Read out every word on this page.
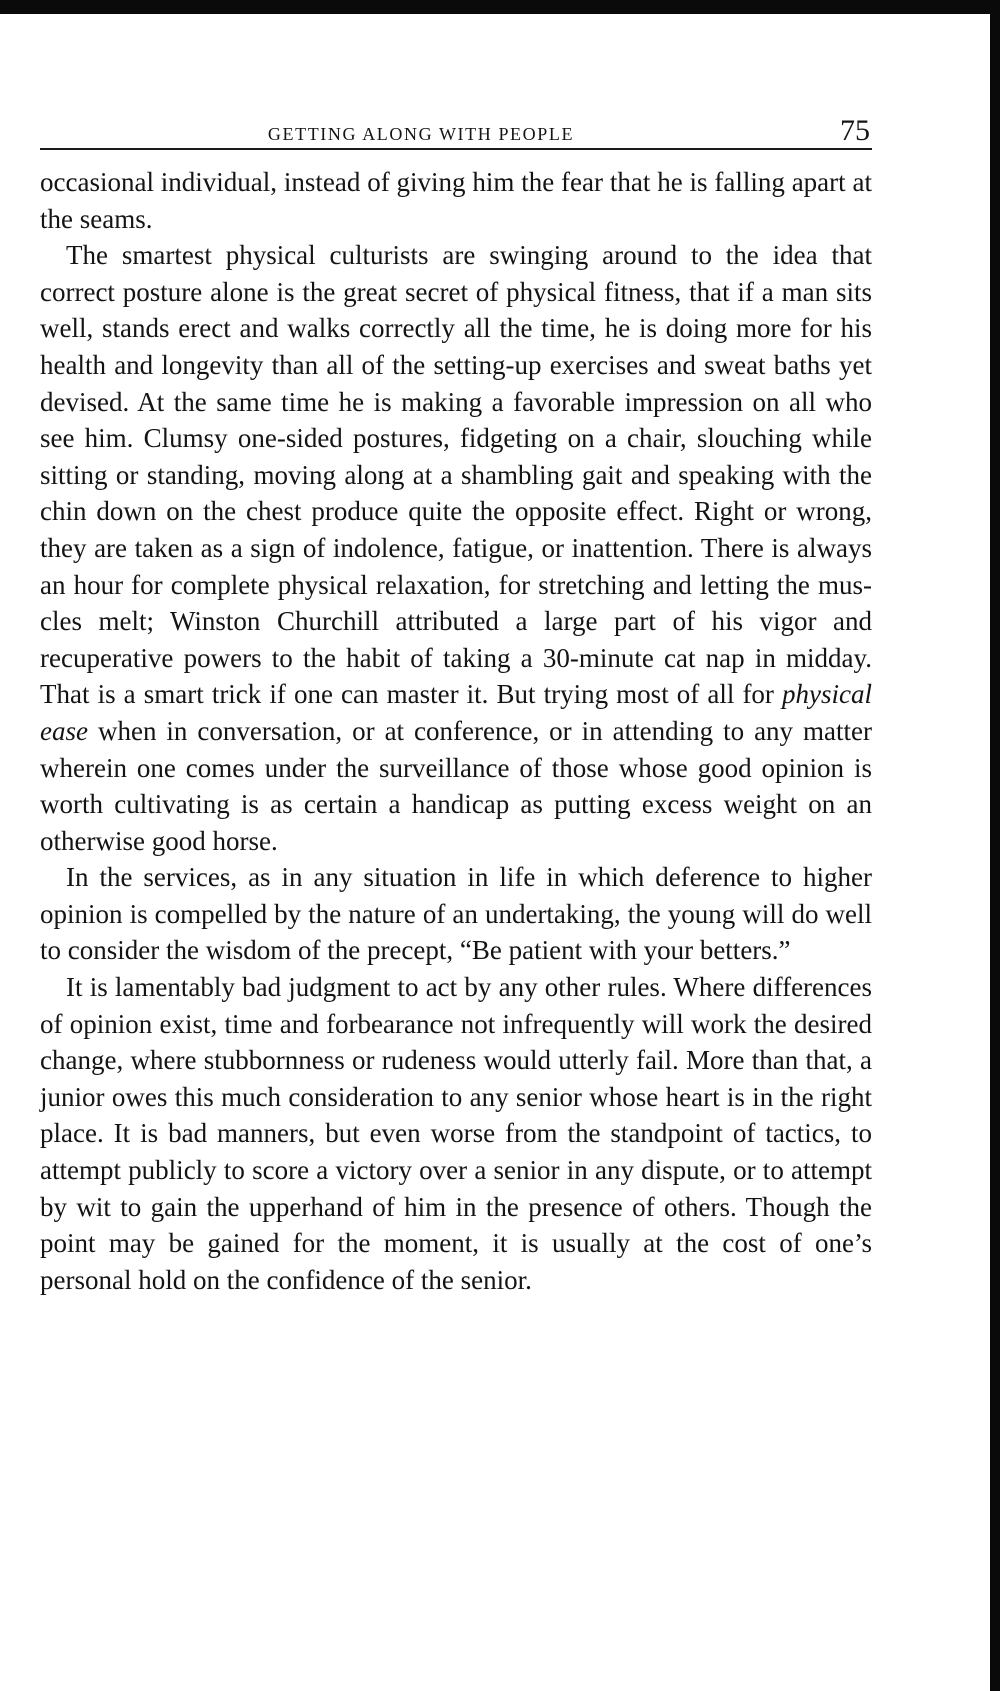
GETTING ALONG WITH PEOPLE	75

occasional individual, instead of giving him the fear that he is falling apart at the seams.

The smartest physical culturists are swinging around to the idea that correct posture alone is the great secret of physical fitness, that if a man sits well, stands erect and walks correctly all the time, he is doing more for his health and longevity than all of the setting-up exercises and sweat baths yet devised. At the same time he is making a favorable impression on all who see him. Clumsy one-sided postures, fidgeting on a chair, slouching while sitting or standing, moving along at a shambling gait and speaking with the chin down on the chest produce quite the opposite effect. Right or wrong, they are taken as a sign of indolence, fatigue, or inattention. There is always an hour for complete physical relaxation, for stretching and letting the muscles melt; Winston Churchill attributed a large part of his vigor and recuperative powers to the habit of taking a 30-minute cat nap in midday. That is a smart trick if one can master it. But trying most of all for physical ease when in conversation, or at conference, or in attending to any matter wherein one comes under the surveillance of those whose good opinion is worth cultivating is as certain a handicap as putting excess weight on an otherwise good horse.

In the services, as in any situation in life in which deference to higher opinion is compelled by the nature of an undertaking, the young will do well to consider the wisdom of the precept, “Be patient with your betters.”

It is lamentably bad judgment to act by any other rules. Where differences of opinion exist, time and forbearance not infrequently will work the desired change, where stubbornness or rudeness would utterly fail. More than that, a junior owes this much consideration to any senior whose heart is in the right place. It is bad manners, but even worse from the standpoint of tactics, to attempt publicly to score a victory over a senior in any dispute, or to attempt by wit to gain the upperhand of him in the presence of others. Though the point may be gained for the moment, it is usually at the cost of one’s personal hold on the confidence of the senior.
